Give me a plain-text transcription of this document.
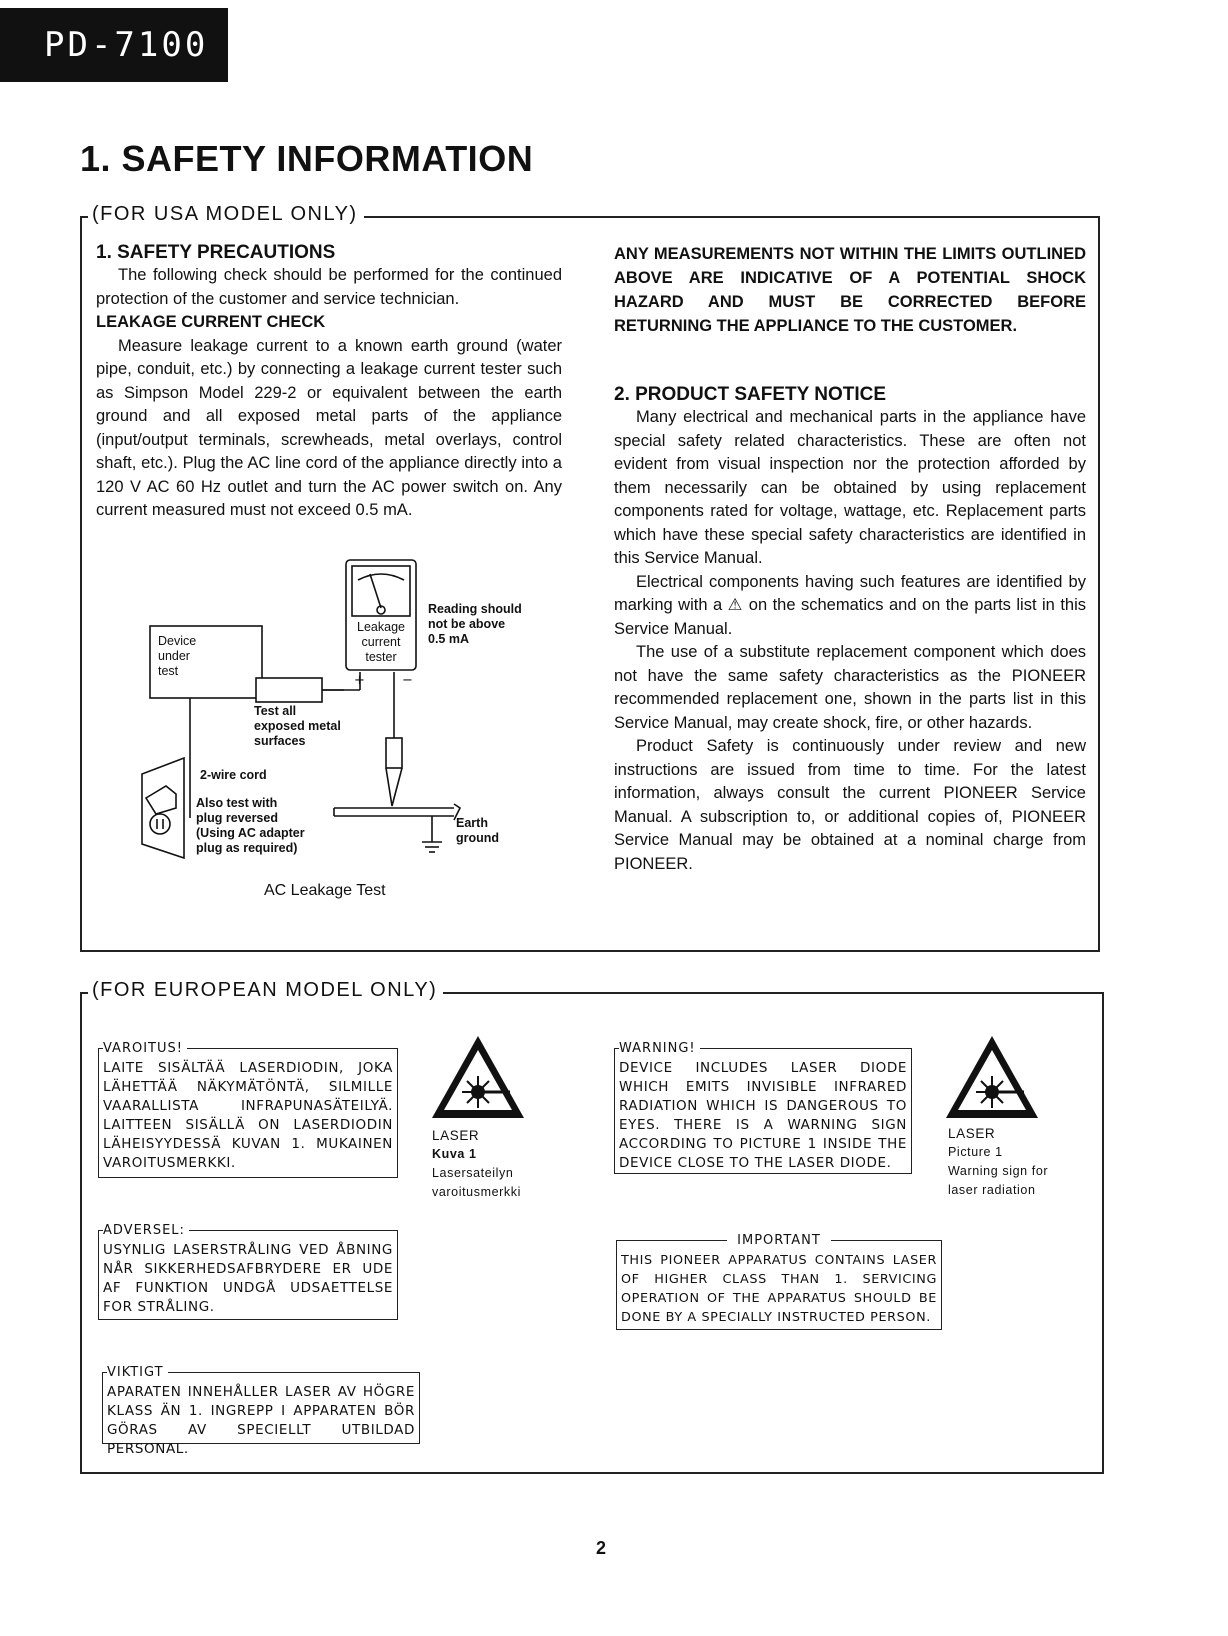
PD-7100
1. SAFETY INFORMATION
(FOR USA MODEL ONLY)

1. SAFETY PRECAUTIONS

The following check should be performed for the continued protection of the customer and service technician.

LEAKAGE CURRENT CHECK

Measure leakage current to a known earth ground (water pipe, conduit, etc.) by connecting a leakage current tester such as Simpson Model 229-2 or equivalent between the earth ground and all exposed metal parts of the appliance (input/output terminals, screwheads, metal overlays, control shaft, etc.). Plug the AC line cord of the appliance directly into a 120 V AC 60 Hz outlet and turn the AC power switch on. Any current measured must not exceed 0.5 mA.

ANY MEASUREMENTS NOT WITHIN THE LIMITS OUTLINED ABOVE ARE INDICATIVE OF A POTENTIAL SHOCK HAZARD AND MUST BE CORRECTED BEFORE RETURNING THE APPLIANCE TO THE CUSTOMER.

2. PRODUCT SAFETY NOTICE

Many electrical and mechanical parts in the appliance have special safety related characteristics. These are often not evident from visual inspection nor the protection afforded by them necessarily can be obtained by using replacement components rated for voltage, wattage, etc. Replacement parts which have these special safety characteristics are identified in this Service Manual.

Electrical components having such features are identified by marking with a ⚠ on the schematics and on the parts list in this Service Manual.

The use of a substitute replacement component which does not have the same safety characteristics as the PIONEER recommended replacement one, shown in the parts list in this Service Manual, may create shock, fire, or other hazards.

Product Safety is continuously under review and new instructions are issued from time to time. For the latest information, always consult the current PIONEER Service Manual. A subscription to, or additional copies of, PIONEER Service Manual may be obtained at a nominal charge from PIONEER.

+	−
Device
under
test
Leakage
current
tester
Reading should
not be above
0.5 mA
Test all
exposed metal
surfaces
2-wire cord
Also test with
plug reversed
(Using AC adapter
plug as required)
Earth
ground
AC Leakage Test
(FOR EUROPEAN MODEL ONLY)
VAROITUS!
LAITE SISÄLTÄÄ LASERDIODIN, JOKA LÄHETTÄÄ NÄKYMÄTÖNTÄ, SILMILLE VAARALLISTA INFRAPUNASÄTEILYÄ. LAITTEEN SISÄLLÄ ON LASERDIODIN LÄHEISYYDESSÄ KUVAN 1. MUKAINEN VAROITUSMERKKI.
LASER
Kuva 1
Lasersateilyn
varoitusmerkki
WARNING!
DEVICE INCLUDES LASER DIODE WHICH EMITS INVISIBLE INFRARED RADIATION WHICH IS DANGEROUS TO EYES. THERE IS A WARNING SIGN ACCORDING TO PICTURE 1 INSIDE THE DEVICE CLOSE TO THE LASER DIODE.
LASER
Picture 1
Warning sign for
laser radiation
ADVERSEL:
USYNLIG LASERSTRÅLING VED ÅBNING NÅR SIKKERHEDSAFBRYDERE ER UDE AF FUNKTION UNDGÅ UDSAETTELSE FOR STRÅLING.
IMPORTANT
THIS PIONEER APPARATUS CONTAINS LASER OF HIGHER CLASS THAN 1. SERVICING OPERATION OF THE APPARATUS SHOULD BE DONE BY A SPECIALLY INSTRUCTED PERSON.
VIKTIGT
APARATEN INNEHÅLLER LASER AV HÖGRE KLASS ÄN 1. INGREPP I APPARATEN BÖR GÖRAS AV SPECIELLT UTBILDAD PERSONAL.
2
